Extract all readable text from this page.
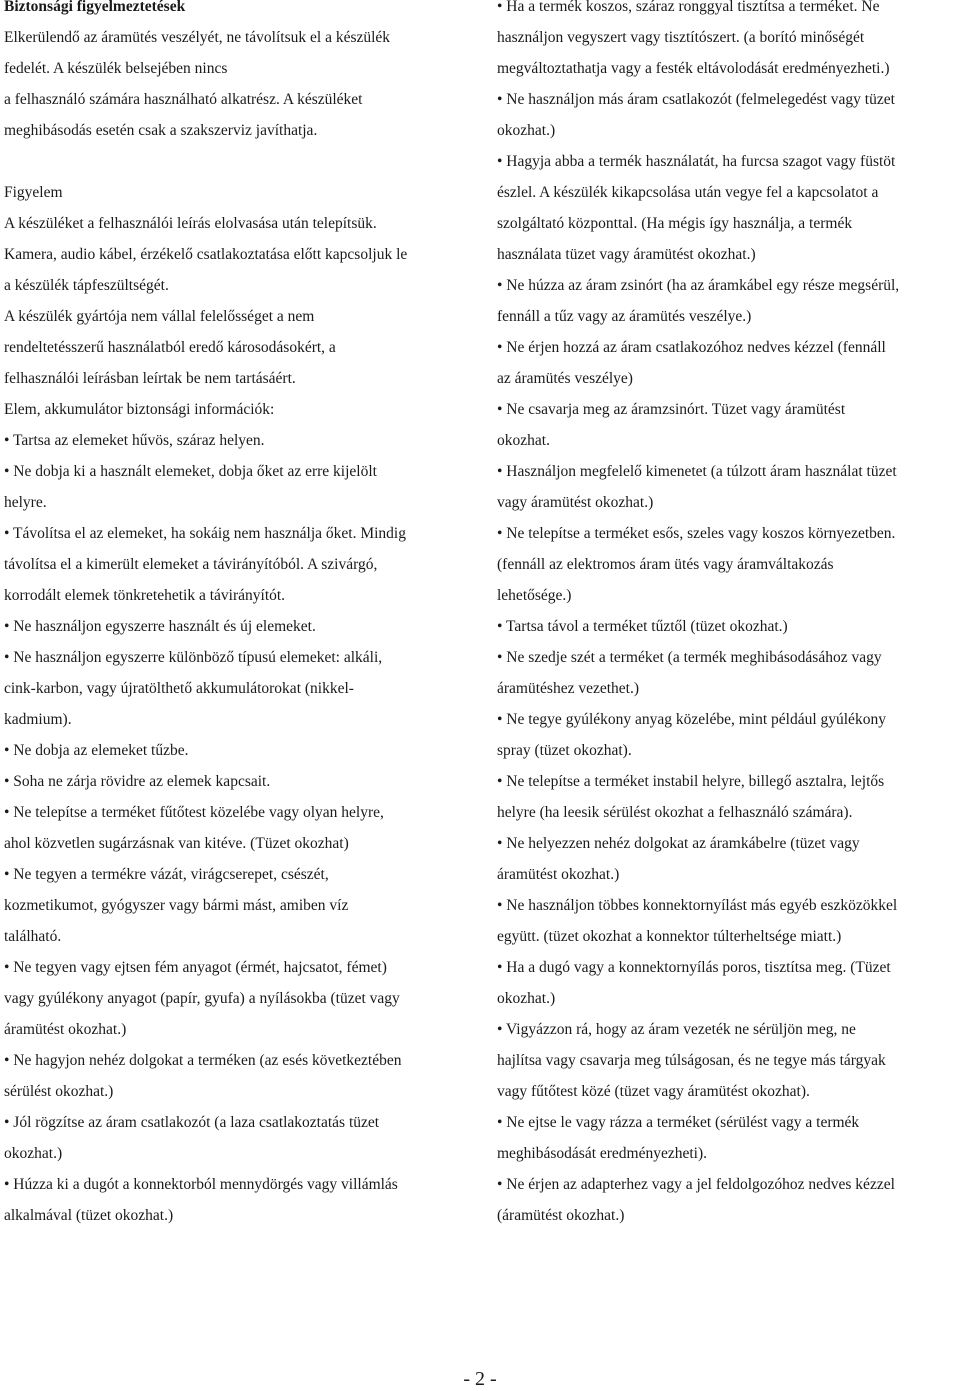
Biztonsági figyelmeztetések
Elkerülendő az áramütés veszélyét, ne távolítsuk el a készülék
fedelét. A készülék belsejében nincs
a felhasználó számára használható alkatrész. A készüléket
meghibásodás esetén csak a szakszerviz javíthatja.
Figyelem
A készüléket a felhasználói leírás elolvasása után telepítsük.
Kamera, audio kábel, érzékelő csatlakoztatása előtt kapcsoljuk le
a készülék tápfeszültségét.
A készülék gyártója nem vállal felelősséget a nem
rendeltetésszerű használatból eredő károsodásokért, a
felhasználói leírásban leírtak be nem tartásáért.
Elem, akkumulátor biztonsági információk:
• Tartsa az elemeket hűvös, száraz helyen.
• Ne dobja ki a használt elemeket, dobja őket az erre kijelölt
helyre.
• Távolítsa el az elemeket, ha sokáig nem használja őket. Mindig
távolítsa el a kimerült elemeket a távirányítóból. A szivárgó,
korrodált elemek tönkretehetik a távirányítót.
• Ne használjon egyszerre használt és új elemeket.
• Ne használjon egyszerre különböző típusú elemeket: alkáli,
cink-karbon, vagy újratölthető akkumulátorokat (nikkel-
kadmium).
• Ne dobja az elemeket tűzbe.
• Soha ne zárja rövidre az elemek kapcsait.
• Ne telepítse a terméket fűtőtest közelébe vagy olyan helyre,
ahol közvetlen sugárzásnak van kitéve. (Tüzet okozhat)
• Ne tegyen a termékre vázát, virágcserepet, csészét,
kozmetikumot, gyógyszer vagy bármi mást, amiben víz
található.
• Ne tegyen vagy ejtsen fém anyagot (érmét, hajcsatot, fémet)
vagy gyúlékony anyagot (papír, gyufa) a nyílásokba (tüzet vagy
áramütést okozhat.)
• Ne hagyjon nehéz dolgokat a terméken (az esés következtében
sérülést okozhat.)
• Jól rögzítse az áram csatlakozót (a laza csatlakoztatás tüzet
okozhat.)
• Húzza ki a dugót a konnektorból mennydörgés vagy villámlás
alkalmával (tüzet okozhat.)
• Ha a termék koszos, száraz ronggyal tisztítsa a terméket. Ne
használjon vegyszert vagy tisztítószert. (a borító minőségét
megváltoztathatja vagy a festék eltávolodását eredményezheti.)
• Ne használjon más áram csatlakozót (felmelegedést vagy tüzet
okozhat.)
• Hagyja abba a termék használatát, ha furcsa szagot vagy füstöt
észlel. A készülék kikapcsolása után vegye fel a kapcsolatot a
szolgáltató központtal. (Ha mégis így használja, a termék
használata tüzet vagy áramütést okozhat.)
• Ne húzza az áram zsinórt (ha az áramkábel egy része megsérül,
fennáll a tűz vagy az áramütés veszélye.)
• Ne érjen hozzá az áram csatlakozóhoz nedves kézzel (fennáll
az áramütés veszélye)
• Ne csavarja meg az áramzsinórt. Tüzet vagy áramütést
okozhat.
• Használjon megfelelő kimenetet (a túlzott áram használat tüzet
vagy áramütést okozhat.)
• Ne telepítse a terméket esős, szeles vagy koszos környezetben.
(fennáll az elektromos áram ütés vagy áramváltakozás
lehetősége.)
• Tartsa távol a terméket tűztől (tüzet okozhat.)
• Ne szedje szét a terméket (a termék meghibásodásához vagy
áramütéshez vezethet.)
• Ne tegye gyúlékony anyag közelébe, mint például gyúlékony
spray (tüzet okozhat).
• Ne telepítse a terméket instabil helyre, billegő asztalra, lejtős
helyre (ha leesik sérülést okozhat a felhasználó számára).
• Ne helyezzen nehéz dolgokat az áramkábelre (tüzet vagy
áramütést okozhat.)
• Ne használjon többes konnektornyílást más egyéb eszközökkel
együtt. (tüzet okozhat a konnektor túlterheltsége miatt.)
• Ha a dugó vagy a konnektornyílás poros, tisztítsa meg. (Tüzet
okozhat.)
• Vigyázzon rá, hogy az áram vezeték ne sérüljön meg, ne
hajlítsa vagy csavarja meg túlságosan, és ne tegye más tárgyak
vagy fűtőtest közé (tüzet vagy áramütést okozhat).
• Ne ejtse le vagy rázza a terméket (sérülést vagy a termék
meghibásodását eredményezheti).
• Ne érjen az adapterhez vagy a jel feldolgozóhoz nedves kézzel
(áramütést okozhat.)
- 2 -
